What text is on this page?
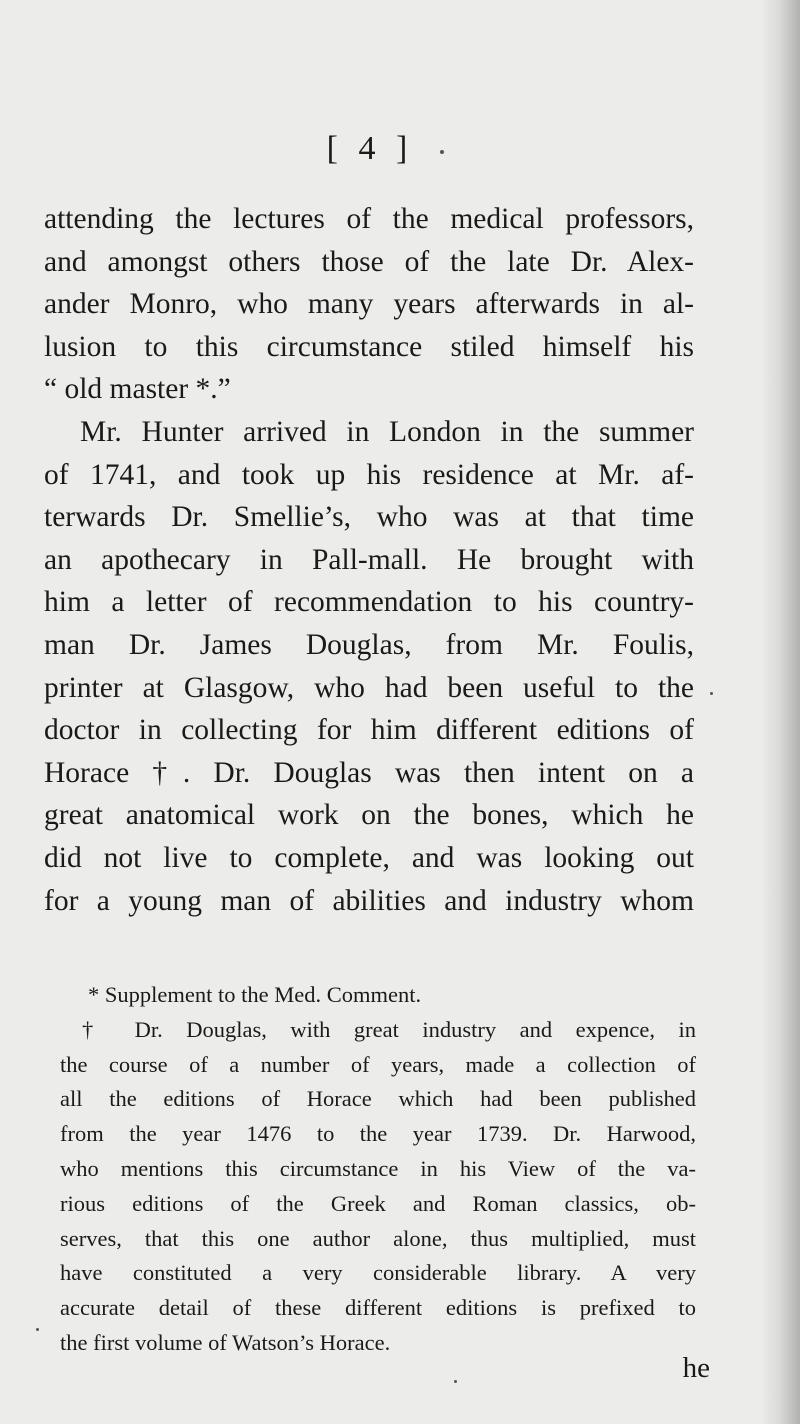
[ 4 ]
attending the lectures of the medical professors,
and amongst others those of the late Dr. Alex-
ander Monro, who many years afterwards in al-
lusion to this circumstance stiled himself his
“ old master *.”
Mr. Hunter arrived in London in the summer
of 1741, and took up his residence at Mr. af-
terwards Dr. Smellie’s, who was at that time
an apothecary in Pall-mall. He brought with
him a letter of recommendation to his country-
man Dr. James Douglas, from Mr. Foulis,
printer at Glasgow, who had been useful to the
doctor in collecting for him different editions of
Horace †. Dr. Douglas was then intent on a
great anatomical work on the bones, which he
did not live to complete, and was looking out
for a young man of abilities and industry whom
* Supplement to the Med. Comment.
† Dr. Douglas, with great industry and expence, in
the course of a number of years, made a collection of
all the editions of Horace which had been published
from the year 1476 to the year 1739. Dr. Harwood,
who mentions this circumstance in his View of the va-
rious editions of the Greek and Roman classics, ob-
serves, that this one author alone, thus multiplied, must
have constituted a very considerable library. A very
accurate detail of these different editions is prefixed to
the first volume of Watson’s Horace.
he
